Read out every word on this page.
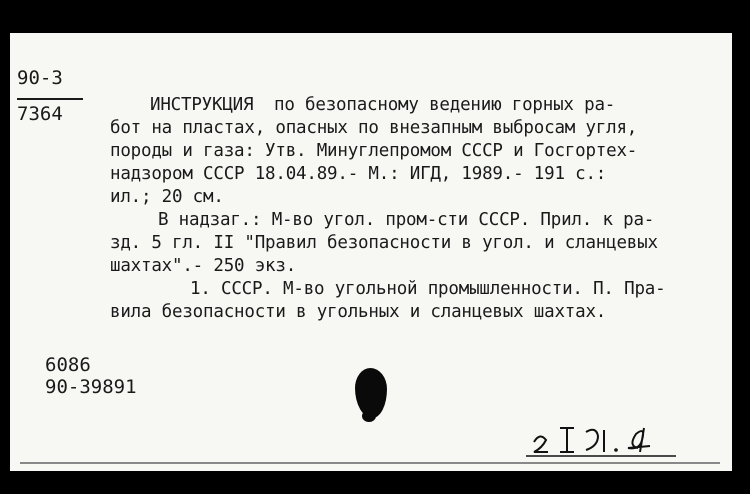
90-3
7364	ИНСТРУКЦИЯ  по безопасному ведению горных ра-
бот на пластах, опасных по внезапным выбросам угля,
породы и газа: Утв. Минуглепромом СССР и Госгортех-
надзором СССР 18.04.89.- М.: ИГД, 1989.- 191 с.:
ил.; 20 см.
В надзаг.: М-во угол. пром-сти СССР. Прил. к ра-
зд. 5 гл. II "Правил безопасности в угол. и сланцевых
шахтах".- 250 экз.
1. СССР. М-во угольной промышленности. П. Пра-
вила безопасности в угольных и сланцевых шахтах.
6086
90-39891
